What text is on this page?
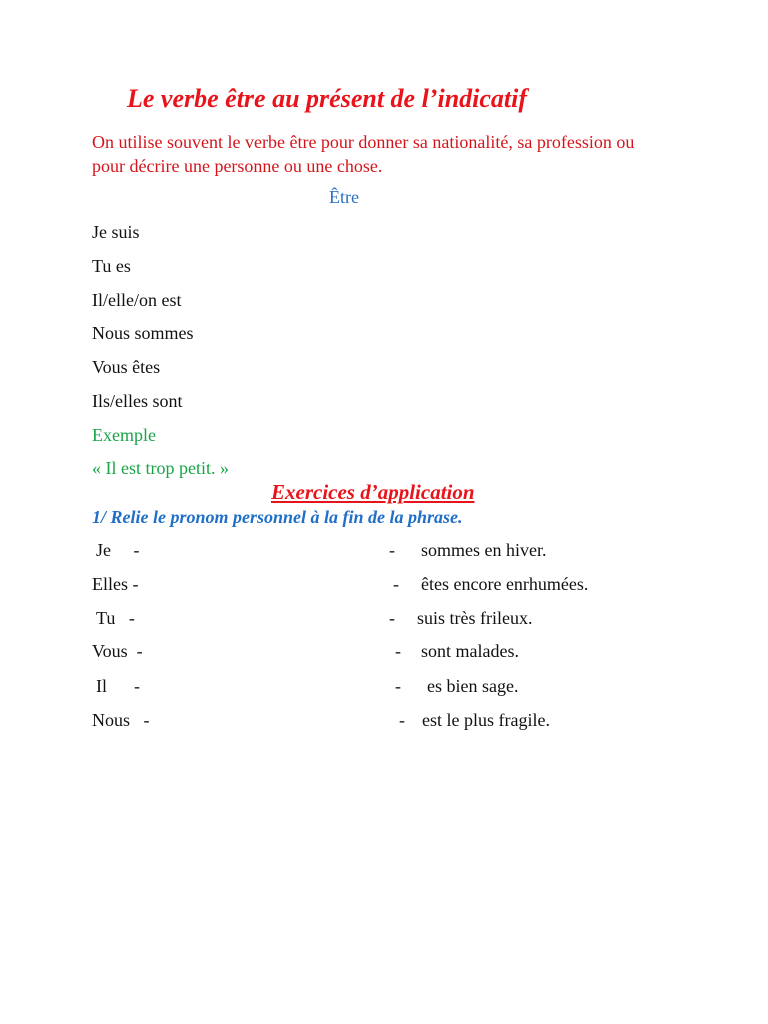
Le verbe être au présent de l’indicatif
On utilise souvent le verbe être pour donner sa nationalité, sa profession ou pour décrire une personne ou une chose.
Être
Je suis
Tu es
Il/elle/on est
Nous sommes
Vous êtes
Ils/elles sont
Exemple
« Il est trop petit. »
Exercices d’application
1/ Relie le pronom personnel à la fin de la phrase.
Je     -	- sommes en hiver.
Elles -	- êtes encore enrhumées.
Tu   -	- suis très frileux.
Vous  -	- sont malades.
Il      -	- es bien sage.
Nous   -	- est le plus fragile.
